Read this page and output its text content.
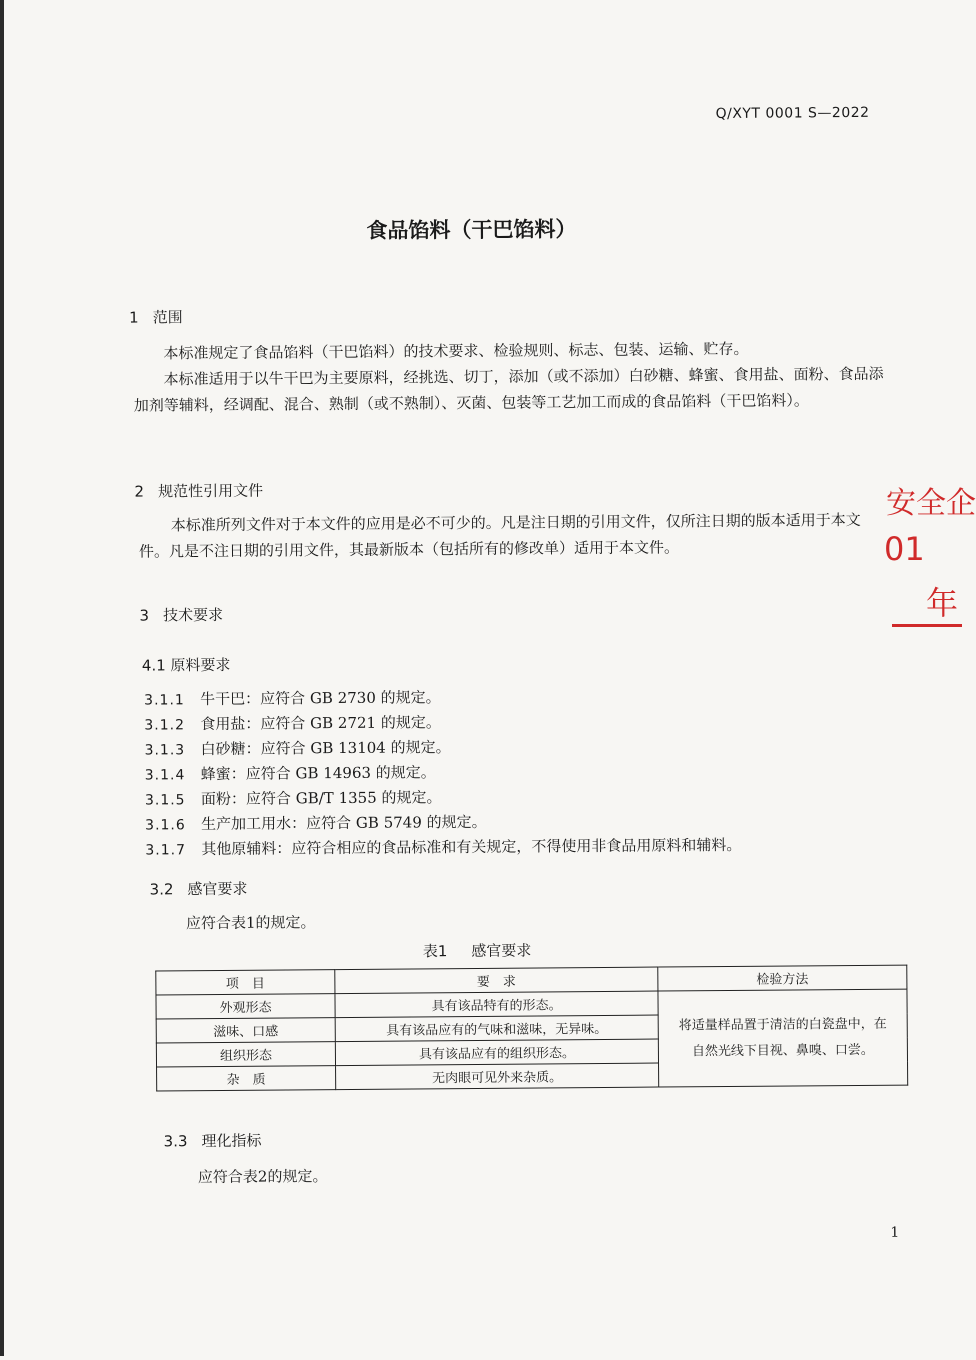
Q/XYT 0001 S—2022
食品馅料（干巴馅料）
1 范围
本标准规定了食品馅料（干巴馅料）的技术要求、检验规则、标志、包装、运输、贮存。
本标准适用于以牛干巴为主要原料，经挑选、切丁，添加（或不添加）白砂糖、蜂蜜、食用盐、面粉、食品添加剂等辅料，经调配、混合、熟制（或不熟制）、灭菌、包装等工艺加工而成的食品馅料（干巴馅料）。
2 规范性引用文件
本标准所列文件对于本文件的应用是必不可少的。凡是注日期的引用文件，仅所注日期的版本适用于本文件。凡是不注日期的引用文件，其最新版本（包括所有的修改单）适用于本文件。
3 技术要求
4.1 原料要求
3.1.1 牛干巴：应符合 GB 2730 的规定。
3.1.2 食用盐：应符合 GB 2721 的规定。
3.1.3 白砂糖：应符合 GB 13104 的规定。
3.1.4 蜂蜜：应符合 GB 14963 的规定。
3.1.5 面粉：应符合 GB/T 1355 的规定。
3.1.6 生产加工用水：应符合 GB 5749 的规定。
3.1.7 其他原辅料：应符合相应的食品标准和有关规定，不得使用非食品用原料和辅料。
3.2 感官要求
应符合表1的规定。
表1 感官要求
项　目	要　求	检验方法
外观形态	具有该品特有的形态。	将适量样品置于清洁的白瓷盘中，在
自然光线下目视、鼻嗅、口尝。

滋味、口感	具有该品应有的气味和滋味，无异味。	
组织形态	具有该品应有的组织形态。	
杂　质	无肉眼可见外来杂质。	
3.3 理化指标
应符合表2的规定。
1
安全企
01
年
